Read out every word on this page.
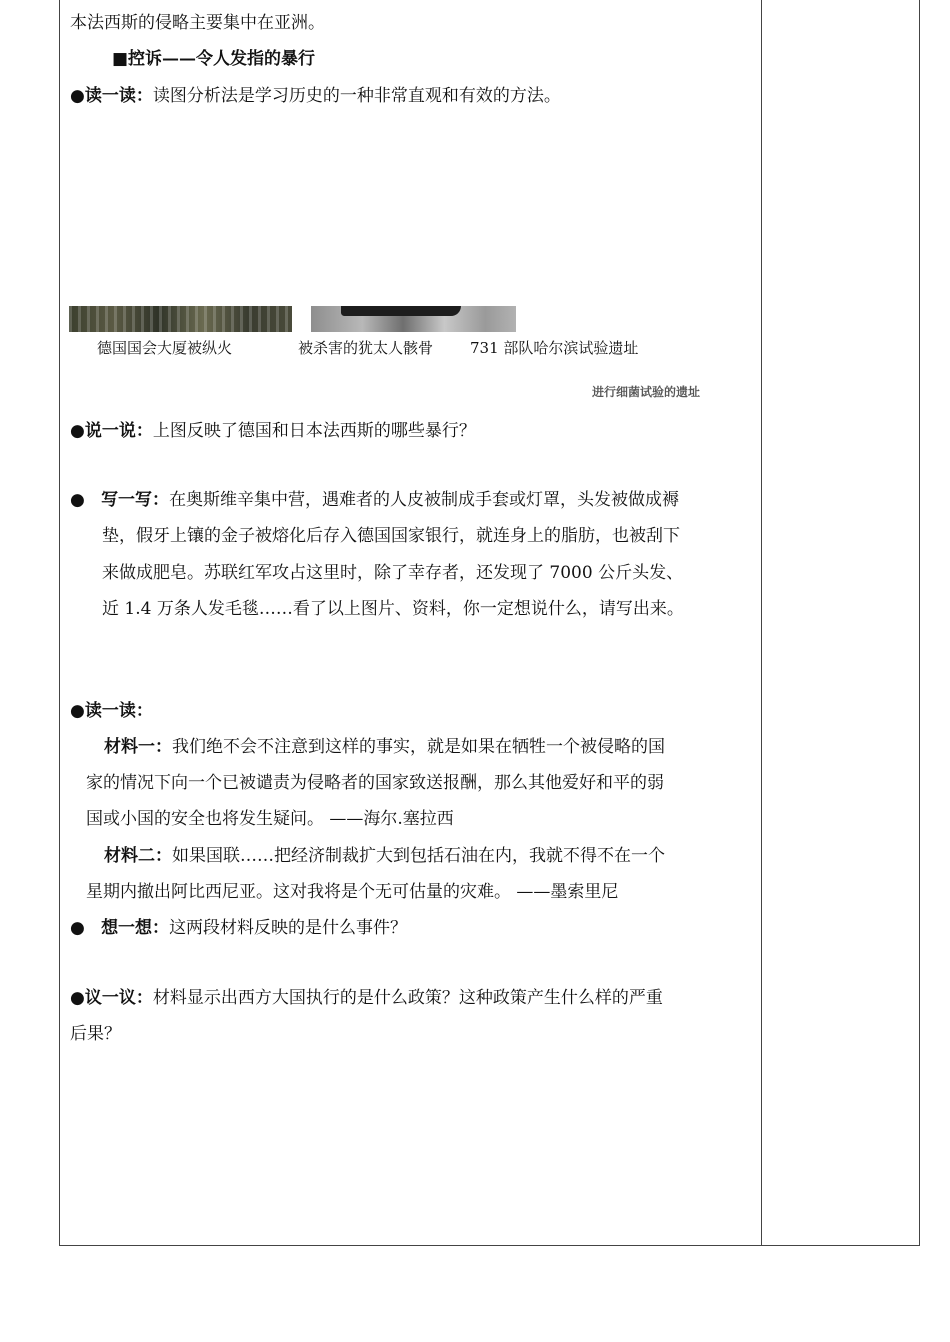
本法西斯的侵略主要集中在亚洲。
■控诉——令人发指的暴行
●读一读：读图分析法是学习历史的一种非常直观和有效的方法。
●说一说：上图反映了德国和日本法西斯的哪些暴行？
● 写一写：在奥斯维辛集中营，遇难者的人皮被制成手套或灯罩，头发被做成褥
垫，假牙上镶的金子被熔化后存入德国国家银行，就连身上的脂肪，也被刮下
来做成肥皂。苏联红军攻占这里时，除了幸存者，还发现了 7000 公斤头发、
近 1.4 万条人发毛毯……看了以上图片、资料，你一定想说什么，请写出来。
●读一读：
材料一：我们绝不会不注意到这样的事实，就是如果在牺牲一个被侵略的国
家的情况下向一个已被谴责为侵略者的国家致送报酬，那么其他爱好和平的弱
国或小国的安全也将发生疑问。 ——海尔.塞拉西
材料二：如果国联……把经济制裁扩大到包括石油在内，我就不得不在一个
星期内撤出阿比西尼亚。这对我将是个无可估量的灾难。 ——墨索里尼
● 想一想：这两段材料反映的是什么事件？
●议一议：材料显示出西方大国执行的是什么政策？这种政策产生什么样的严重
后果？
德国国会大厦被纵火	被杀害的犹太人骸骨 731 部队哈尔滨试验遗址
进行细菌试验的遗址
